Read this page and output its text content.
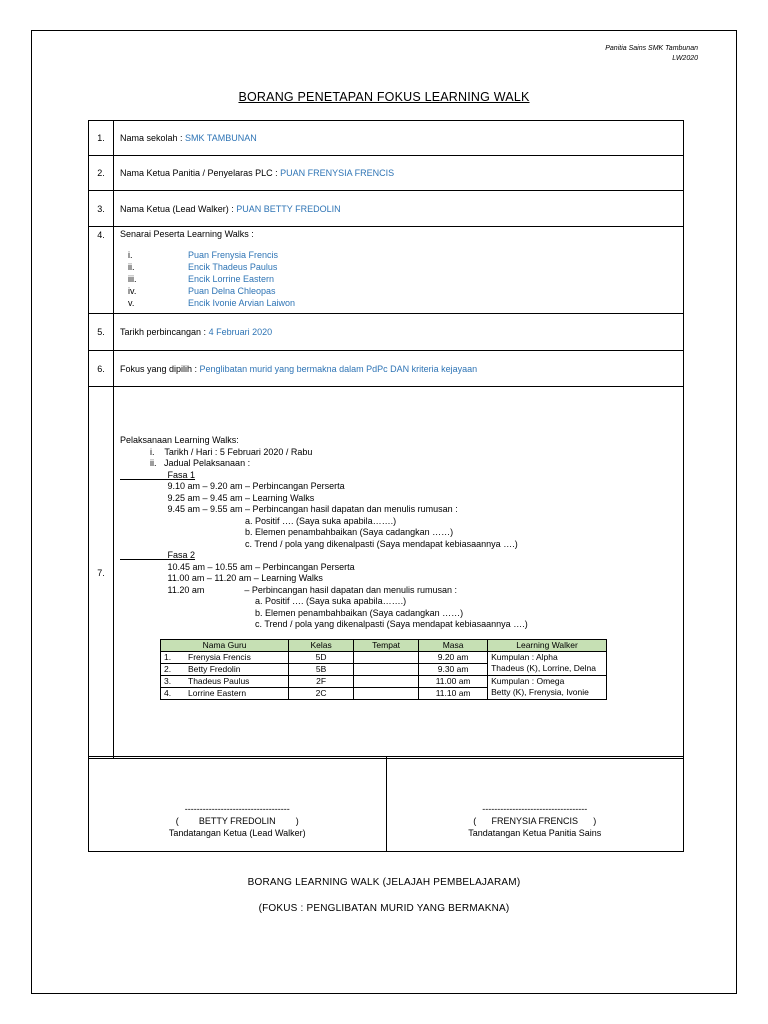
Panitia Sains SMK Tambunan
LW2020
BORANG PENETAPAN FOKUS LEARNING WALK
1.	Nama sekolah : SMK TAMBUNAN
2.	Nama Ketua Panitia / Penyelaras PLC : PUAN FRENYSIA FRENCIS
3.	Nama Ketua (Lead Walker) : PUAN BETTY FREDOLIN
4.	Senarai Peserta Learning Walks :
i.	Puan Frenysia Frencis
ii.	Encik Thadeus Paulus
iii.	Encik Lorrine Eastern
iv.	Puan Delna Chleopas
v.	Encik Ivonie Arvian Laiwon

5.	Tarikh perbincangan : 4 Februari 2020
6.	Fokus yang dipilih : Penglibatan murid yang bermakna dalam PdPc DAN kriteria kejayaan
7.	
Pelaksanaan Learning Walks:
i.    Tarikh / Hari : 5 Februari 2020 / Rabu
ii.   Jadual Pelaksanaan :
Fasa 1
9.10 am – 9.20 am – Perbincangan Perserta
9.25 am – 9.45 am – Learning Walks
9.45 am – 9.55 am – Perbincangan hasil dapatan dan menulis rumusan :
a. Positif …. (Saya suka apabila…….)
b. Elemen penambahbaikan (Saya cadangkan ……)
c. Trend / pola yang dikenalpasti (Saya mendapat kebiasaannya ….)
Fasa 2
10.45 am – 10.55 am – Perbincangan Perserta
11.00 am – 11.20 am – Learning Walks
11.20 am                – Perbincangan hasil dapatan dan menulis rumusan :
a. Positif …. (Saya suka apabila…….)
b. Elemen penambahbaikan (Saya cadangkan ……)
c. Trend / pola yang dikenalpasti (Saya mendapat kebiasaannya ….)
Nama Guru	Kelas	Tempat	Masa	Learning Walker
1.	Frenysia Frencis	5D		9.20 am	Kumpulan : Alpha
Thadeus (K), Lorrine, Delna

2.	Betty Fredolin	5B		9.30 am
3.	Thadeus Paulus	2F		11.00 am	Kumpulan : Omega
Betty (K), Frenysia, Ivonie

4.	Lorrine Eastern	2C		11.10 am
-----------------------------------
( BETTY FREDOLIN )
Tandatangan Ketua (Lead Walker)
-----------------------------------
( FRENYSIA FRENCIS )
Tandatangan Ketua Panitia Sains
BORANG LEARNING WALK (JELAJAH PEMBELAJARAM)
(FOKUS : PENGLIBATAN MURID YANG BERMAKNA)
